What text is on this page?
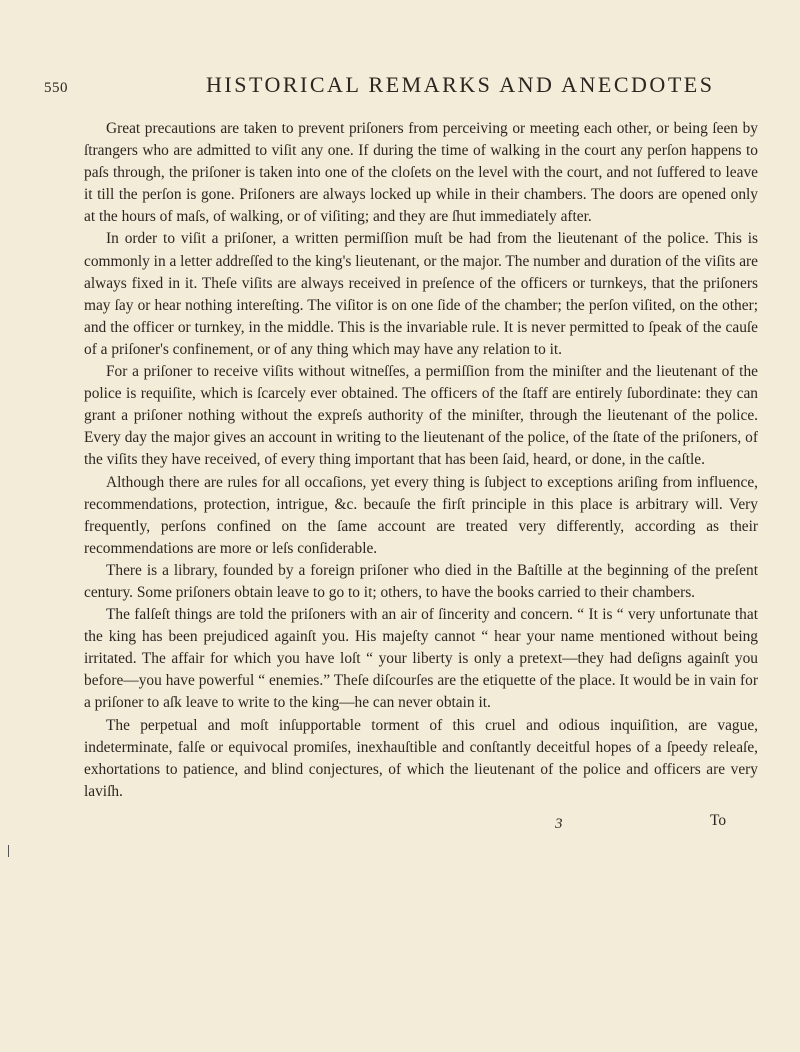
550	HISTORICAL REMARKS AND ANECDOTES

Great precautions are taken to prevent priſoners from perceiving or meeting each other, or being ſeen by ſtrangers who are admitted to viſit any one. If during the time of walking in the court any perſon happens to paſs through, the priſoner is taken into one of the cloſets on the level with the court, and not ſuffered to leave it till the perſon is gone. Priſoners are always locked up while in their chambers. The doors are opened only at the hours of maſs, of walking, or of viſiting; and they are ſhut immediately after.

In order to viſit a priſoner, a written permiſſion muſt be had from the lieutenant of the police. This is commonly in a letter addreſſed to the king's lieutenant, or the major. The number and duration of the viſits are always fixed in it. Theſe viſits are always received in preſence of the officers or turnkeys, that the priſoners may ſay or hear nothing intereſting. The viſitor is on one ſide of the chamber; the perſon viſited, on the other; and the officer or turnkey, in the middle. This is the invariable rule. It is never permitted to ſpeak of the cauſe of a priſoner's confinement, or of any thing which may have any relation to it.

For a priſoner to receive viſits without witneſſes, a permiſſion from the miniſter and the lieutenant of the police is requiſite, which is ſcarcely ever obtained. The officers of the ſtaff are entirely ſubordinate: they can grant a priſoner nothing without the expreſs authority of the miniſter, through the lieutenant of the police. Every day the major gives an account in writing to the lieutenant of the police, of the ſtate of the priſoners, of the viſits they have received, of every thing important that has been ſaid, heard, or done, in the caſtle.

Although there are rules for all occaſions, yet every thing is ſubject to exceptions ariſing from influence, recommendations, protection, intrigue, &c. becauſe the firſt principle in this place is arbitrary will. Very frequently, perſons confined on the ſame account are treated very differently, according as their recommendations are more or leſs conſiderable.

There is a library, founded by a foreign priſoner who died in the Baſtille at the beginning of the preſent century. Some priſoners obtain leave to go to it; others, to have the books carried to their chambers.

The falſeſt things are told the priſoners with an air of ſincerity and concern. “ It is “ very unfortunate that the king has been prejudiced againſt you. His majeſty cannot “ hear your name mentioned without being irritated. The affair for which you have loſt “ your liberty is only a pretext—they had deſigns againſt you before—you have powerful “ enemies.” Theſe diſcourſes are the etiquette of the place. It would be in vain for a priſoner to aſk leave to write to the king—he can never obtain it.

The perpetual and moſt inſupportable torment of this cruel and odious inquiſition, are vague, indeterminate, falſe or equivocal promiſes, inexhauſtible and conſtantly deceitful hopes of a ſpeedy releaſe, exhortations to patience, and blind conjectures, of which the lieutenant of the police and officers are very laviſh.

3	To
